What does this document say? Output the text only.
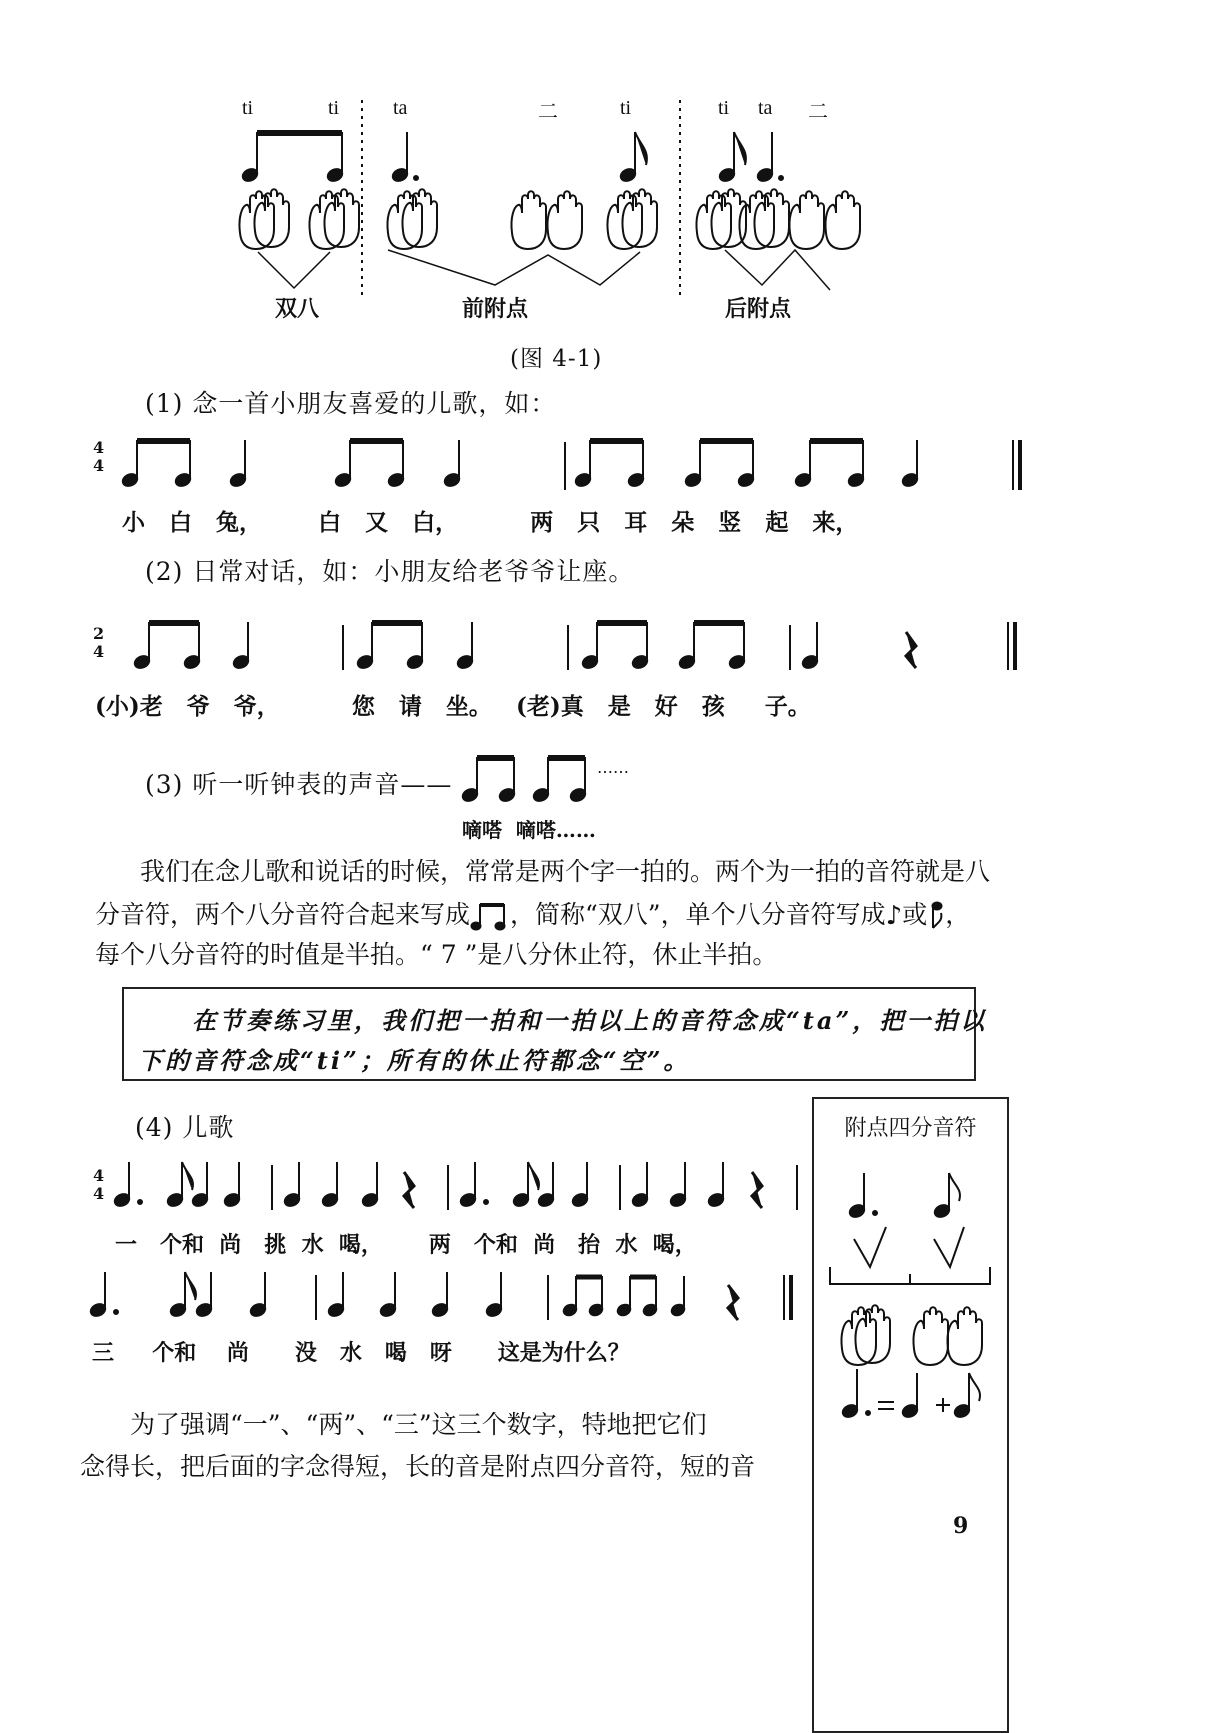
ti	ti	ta	二	ti	ti ta 二
双八	前附点	后附点
(图 4-1)
(1) 念一首小朋友喜爱的儿歌，如：
4
4
小   白   兔，       白   又   白，         两   只   耳   朵   竖   起   来，
(2) 日常对话，如：小朋友给老爷爷让座。
2
4
(小)老   爷   爷，         您   请   坐。   (老)真   是   好   孩     子。
(3) 听一听钟表的声音——
……
嘀嗒  嘀嗒……
我们在念儿歌和说话的时候，常常是两个字一拍的。两个为一拍的音符就是八
分音符，两个八分音符合起来写成 ，简称“双八”，单个八分音符写成 ♪ 或 ，
每个八分音符的时值是半拍。“ 7 ”是八分休止符，休止半拍。
在节奏练习里，我们把一拍和一拍以上的音符念成“ta”，把一拍以
下的音符念成“ti”；所有的休止符都念“空”。
(4) 儿歌
4
4
一   个和  尚   挑  水  喝，      两   个和  尚   抬  水  喝，
三     个和    尚      没   水   喝   呀      这是为什么？
附点四分音符
为了强调“一”、“两”、“三”这三个数字，特地把它们
念得长，把后面的字念得短，长的音是附点四分音符，短的音
9
